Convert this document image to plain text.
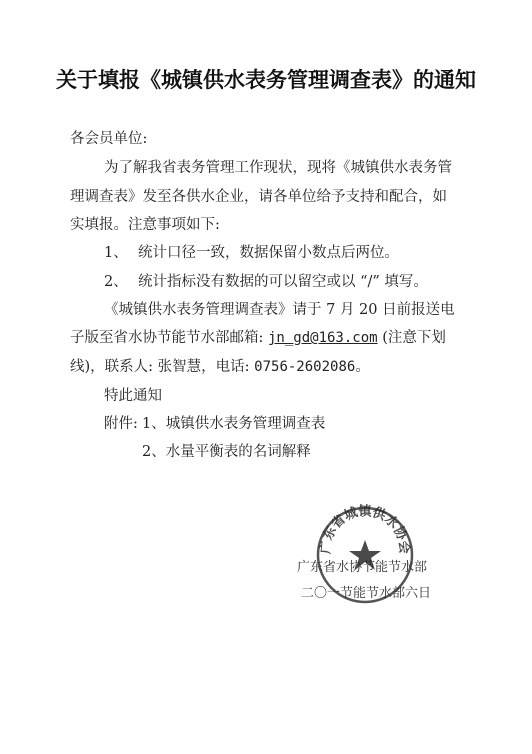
关于填报《城镇供水表务管理调查表》的通知
各会员单位:
为了解我省表务管理工作现状，现将《城镇供水表务管
理调查表》发至各供水企业，请各单位给予支持和配合，如
实填报。注意事项如下:
1、 统计口径一致，数据保留小数点后两位。
2、 统计指标没有数据的可以留空或以 “/” 填写。
《城镇供水表务管理调查表》请于 7 月 20 日前报送电
子版至省水协节能节水部邮箱: jn_gd@163.com (注意下划
线)，联系人: 张智慧，电话: 0756-2602086。
特此通知
附件: 1、城镇供水表务管理调查表
2、水量平衡表的名词解释
广东省水协节能节水部
二〇一节能节水部六日
广东省城镇供水协会
